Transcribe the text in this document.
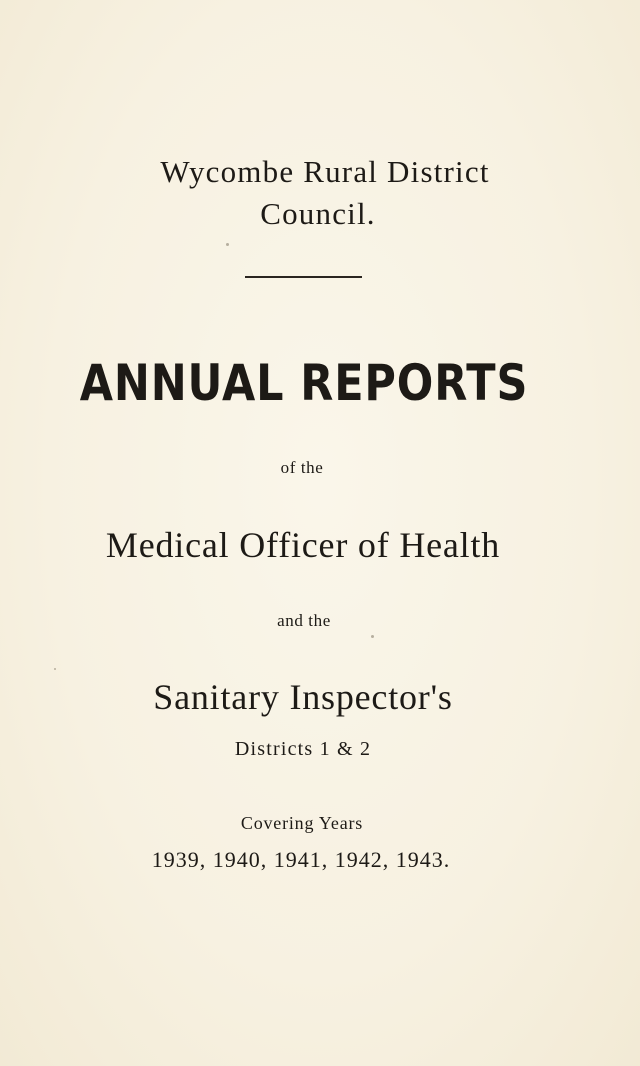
Wycombe Rural District
Council.
ANNUAL REPORTS
of the
Medical Officer of Health
and the
Sanitary Inspector's
Districts 1 & 2
Covering Years
1939, 1940, 1941, 1942, 1943.
